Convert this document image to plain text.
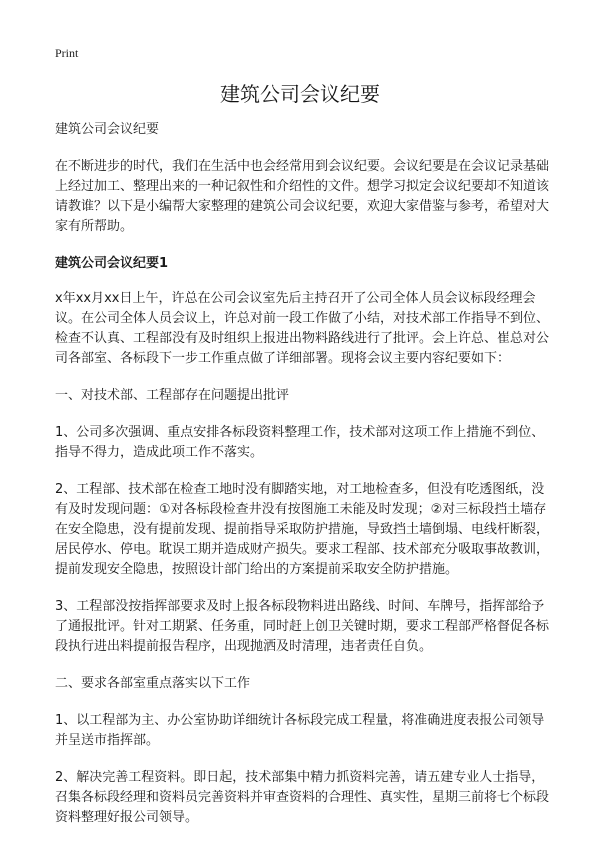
Print
建筑公司会议纪要

建筑公司会议纪要

在不断进步的时代，我们在生活中也会经常用到会议纪要。会议纪要是在会议记录基础上经过加工、整理出来的一种记叙性和介绍性的文件。想学习拟定会议纪要却不知道该请教谁？以下是小编帮大家整理的建筑公司会议纪要，欢迎大家借鉴与参考，希望对大家有所帮助。

建筑公司会议纪要1

x年xx月xx日上午，许总在公司会议室先后主持召开了公司全体人员会议标段经理会议。在公司全体人员会议上，许总对前一段工作做了小结，对技术部工作指导不到位、检查不认真、工程部没有及时组织上报进出物料路线进行了批评。会上许总、崔总对公司各部室、各标段下一步工作重点做了详细部署。现将会议主要内容纪要如下：

一、对技术部、工程部存在问题提出批评

1、公司多次强调、重点安排各标段资料整理工作，技术部对这项工作上措施不到位、指导不得力，造成此项工作不落实。

2、工程部、技术部在检查工地时没有脚踏实地，对工地检查多，但没有吃透图纸，没有及时发现问题：①对各标段检查井没有按图施工未能及时发现；②对三标段挡土墙存在安全隐患，没有提前发现、提前指导采取防护措施，导致挡土墙倒塌、电线杆断裂，居民停水、停电。耽误工期并造成财产损失。要求工程部、技术部充分吸取事故教训，提前发现安全隐患，按照设计部门给出的方案提前采取安全防护措施。

3、工程部没按指挥部要求及时上报各标段物料进出路线、时间、车牌号，指挥部给予了通报批评。针对工期紧、任务重，同时赶上创卫关键时期，要求工程部严格督促各标段执行进出料提前报告程序，出现抛洒及时清理，违者责任自负。

二、要求各部室重点落实以下工作

1、以工程部为主、办公室协助详细统计各标段完成工程量，将准确进度表报公司领导并呈送市指挥部。

2、解决完善工程资料。即日起，技术部集中精力抓资料完善，请五建专业人士指导，召集各标段经理和资料员完善资料并审查资料的合理性、真实性，星期三前将七个标段资料整理好报公司领导。
